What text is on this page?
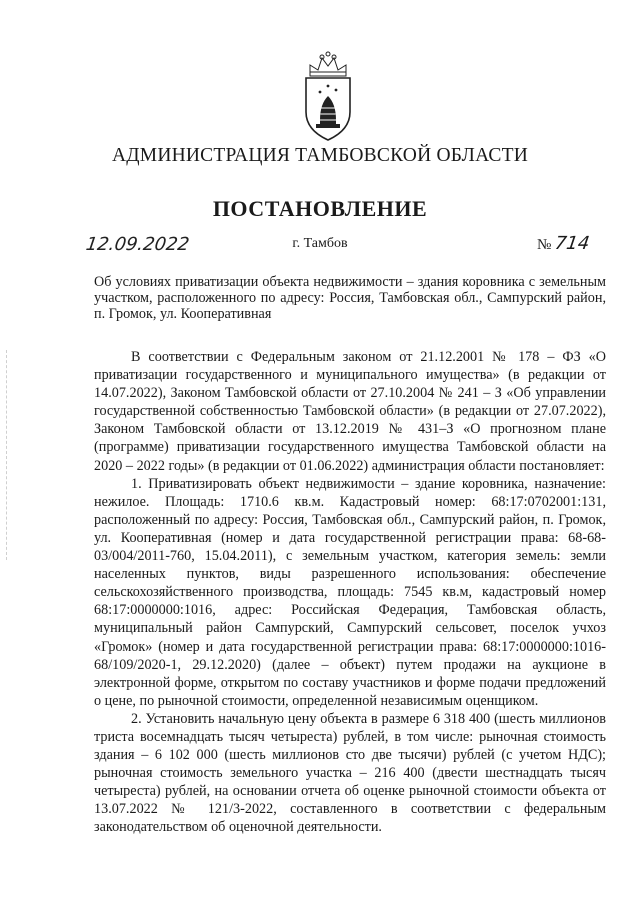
АДМИНИСТРАЦИЯ ТАМБОВСКОЙ ОБЛАСТИ
ПОСТАНОВЛЕНИЕ
12.09.2022	г. Тамбов	№ 714
Об условиях приватизации объекта недвижимости – здания коровника с земельным участком, расположенного по адресу: Россия, Тамбовская обл., Сампурский район, п. Громок, ул. Кооперативная

В соответствии с Федеральным законом от 21.12.2001 № 178 – ФЗ «О приватизации государственного и муниципального имущества» (в редакции от 14.07.2022), Законом Тамбовской области от 27.10.2004 № 241 – З «Об управлении государственной собственностью Тамбовской области» (в редакции от 27.07.2022), Законом Тамбовской области от 13.12.2019 № 431–З «О прогнозном плане (программе) приватизации государственного имущества Тамбовской области на 2020 – 2022 годы» (в редакции от 01.06.2022) администрация области постановляет:

1. Приватизировать объект недвижимости – здание коровника, назначение: нежилое. Площадь: 1710.6 кв.м. Кадастровый номер: 68:17:0702001:131, расположенный по адресу: Россия, Тамбовская обл., Сампурский район, п. Громок, ул. Кооперативная (номер и дата государственной регистрации права: 68-68-03/004/2011-760, 15.04.2011), с земельным участком, категория земель: земли населенных пунктов, виды разрешенного использования: обеспечение сельскохозяйственного производства, площадь: 7545 кв.м, кадастровый номер 68:17:0000000:1016, адрес: Российская Федерация, Тамбовская область, муниципальный район Сампурский, Сампурский сельсовет, поселок учхоз «Громок» (номер и дата государственной регистрации права: 68:17:0000000:1016-68/109/2020-1, 29.12.2020) (далее – объект) путем продажи на аукционе в электронной форме, открытом по составу участников и форме подачи предложений о цене, по рыночной стоимости, определенной независимым оценщиком.

2. Установить начальную цену объекта в размере 6 318 400 (шесть миллионов триста восемнадцать тысяч четыреста) рублей, в том числе: рыночная стоимость здания – 6 102 000 (шесть миллионов сто две тысячи) рублей (с учетом НДС); рыночная стоимость земельного участка – 216 400 (двести шестнадцать тысяч четыреста) рублей, на основании отчета об оценке рыночной стоимости объекта от 13.07.2022 № 121/3-2022, составленного в соответствии с федеральным законодательством об оценочной деятельности.
